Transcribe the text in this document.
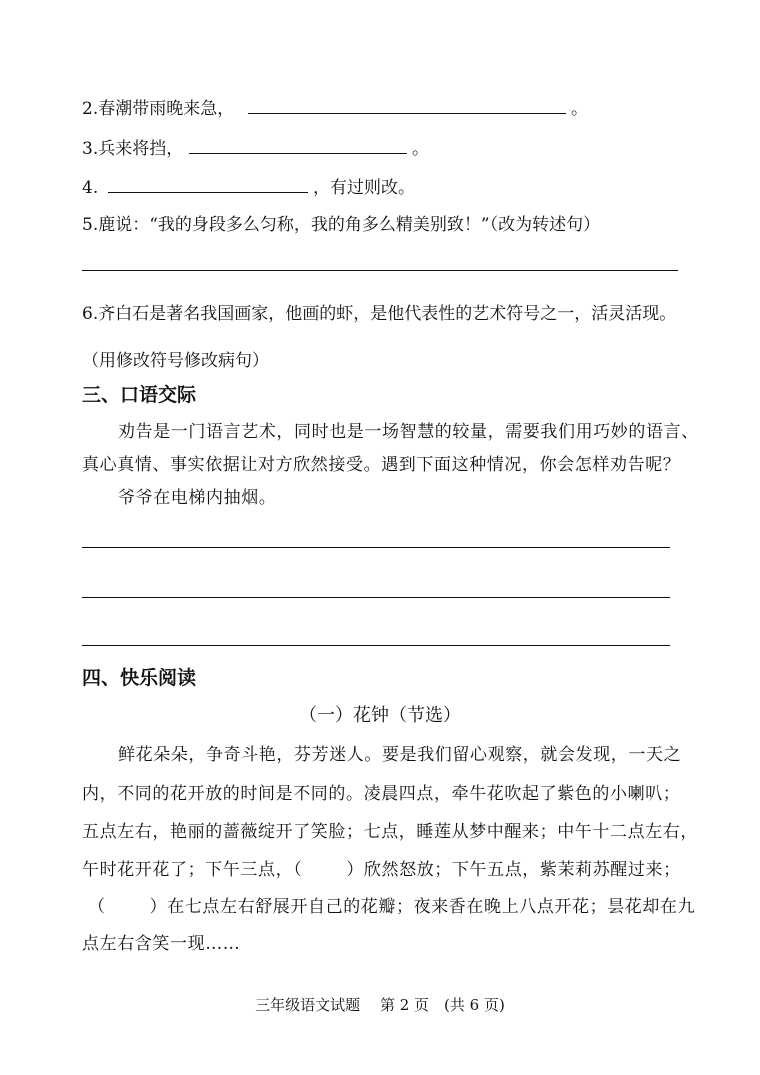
2.春潮带雨晚来急，	。
3.兵来将挡，	。
4.	，有过则改。
5.鹿说：“我的身段多么匀称，我的角多么精美别致！”（改为转述句）
6.齐白石是著名我国画家，他画的虾，是他代表性的艺术符号之一，活灵活现。
（用修改符号修改病句）
三、口语交际
劝告是一门语言艺术，同时也是一场智慧的较量，需要我们用巧妙的语言、
真心真情、事实依据让对方欣然接受。遇到下面这种情况，你会怎样劝告呢？
爷爷在电梯内抽烟。
四、快乐阅读
（一）花钟（节选）
鲜花朵朵，争奇斗艳，芬芳迷人。要是我们留心观察，就会发现，一天之
内，不同的花开放的时间是不同的。凌晨四点，牵牛花吹起了紫色的小喇叭；
五点左右，艳丽的蔷薇绽开了笑脸；七点，睡莲从梦中醒来；中午十二点左右，
午时花开花了；下午三点，（	）欣然怒放；下午五点，紫茉莉苏醒过来；
（	）在七点左右舒展开自己的花瓣；夜来香在晚上八点开花；昙花却在九
点左右含笑一现……
三年级语文试题　 第 2 页　(共 6 页)
